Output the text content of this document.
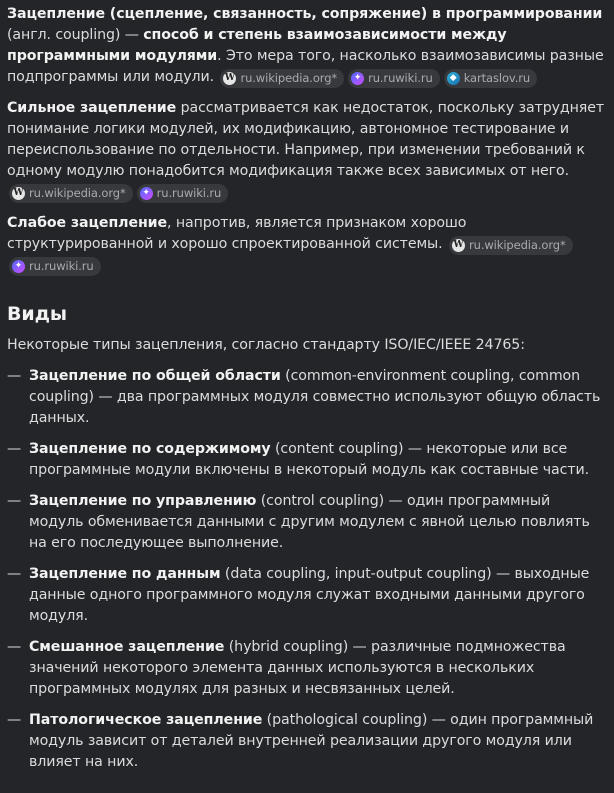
Зацепление (сцепление, связанность, сопряжение) в программировании (англ. coupling) — способ и степень взаимозависимости между программными модулями. Это мера того, насколько взаимозависимы разные подпрограммы или модули. W ru.wikipedia.org*	✦ ru.ruwiki.ru	◆ kartaslov.ru

Сильное зацепление рассматривается как недостаток, поскольку затрудняет понимание логики модулей, их модификацию, автономное тестирование и переиспользование по отдельности. Например, при изменении требований к одному модулю понадобится модификация также всех зависимых от него.
W ru.wikipedia.org*	✦ ru.ruwiki.ru

Слабое зацепление, напротив, является признаком хорошо структурированной и хорошо спроектированной системы. W ru.wikipedia.org*
✦ ru.ruwiki.ru

Виды

Некоторые типы зацепления, согласно стандарту ISO/IEC/IEEE 24765:

— Зацепление по общей области (common-environment coupling, common coupling) — два программных модуля совместно используют общую область данных.
— Зацепление по содержимому (content coupling) — некоторые или все программные модули включены в некоторый модуль как составные части.
— Зацепление по управлению (control coupling) — один программный модуль обменивается данными с другим модулем с явной целью повлиять на его последующее выполнение.
— Зацепление по данным (data coupling, input-output coupling) — выходные данные одного программного модуля служат входными данными другого модуля.
— Смешанное зацепление (hybrid coupling) — различные подмножества значений некоторого элемента данных используются в нескольких программных модулях для разных и несвязанных целей.
— Патологическое зацепление (pathological coupling) — один программный модуль зависит от деталей внутренней реализации другого модуля или влияет на них.
